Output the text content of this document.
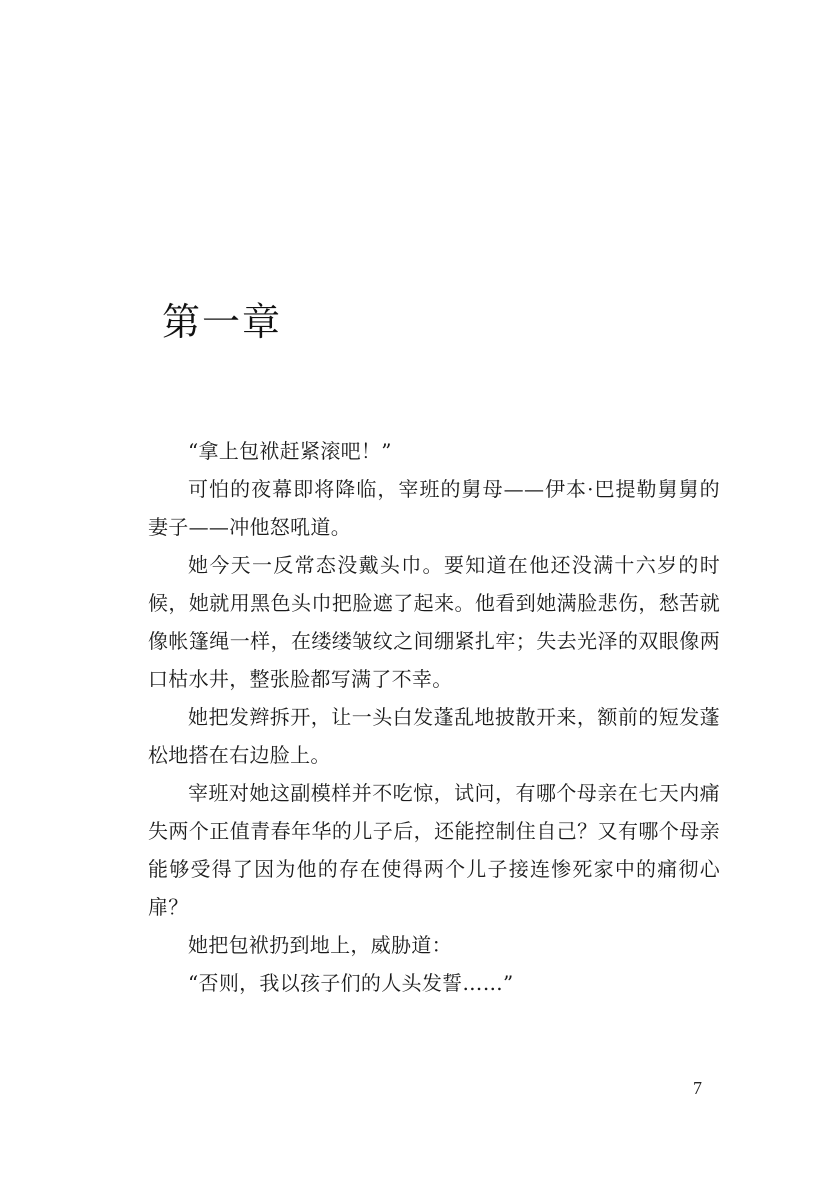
第一章

“拿上包袱赶紧滚吧！”

可怕的夜幕即将降临，宰班的舅母——伊本·巴提勒舅舅的妻子——冲他怒吼道。

她今天一反常态没戴头巾。要知道在他还没满十六岁的时候，她就用黑色头巾把脸遮了起来。他看到她满脸悲伤，愁苦就像帐篷绳一样，在缕缕皱纹之间绷紧扎牢；失去光泽的双眼像两口枯水井，整张脸都写满了不幸。

她把发辫拆开，让一头白发蓬乱地披散开来，额前的短发蓬松地搭在右边脸上。

宰班对她这副模样并不吃惊，试问，有哪个母亲在七天内痛失两个正值青春年华的儿子后，还能控制住自己？又有哪个母亲能够受得了因为他的存在使得两个儿子接连惨死家中的痛彻心扉？

她把包袱扔到地上，威胁道：

“否则，我以孩子们的人头发誓……”

7
